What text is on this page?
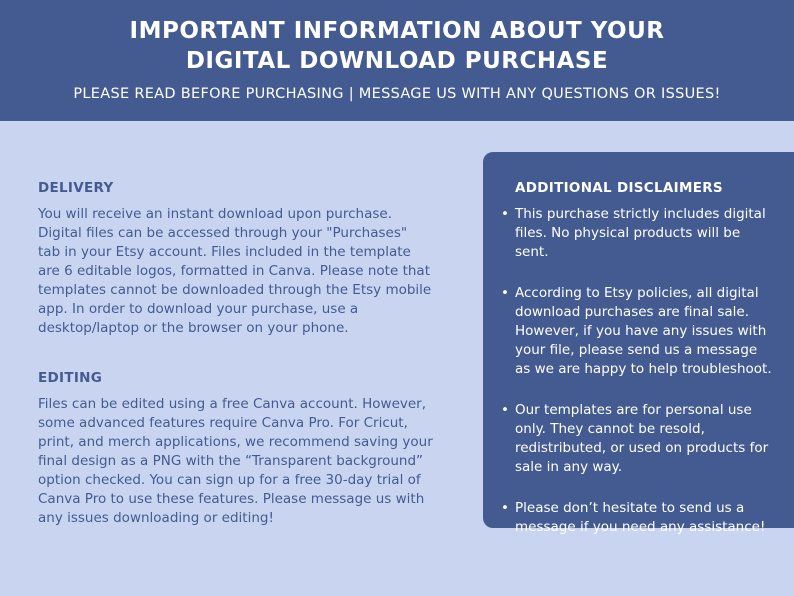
IMPORTANT INFORMATION ABOUT YOUR
DIGITAL DOWNLOAD PURCHASE
PLEASE READ BEFORE PURCHASING | MESSAGE US WITH ANY QUESTIONS OR ISSUES!

DELIVERY

You will receive an instant download upon purchase. Digital files can be accessed through your "Purchases" tab in your Etsy account. Files included in the template are 6 editable logos, formatted in Canva. Please note that templates cannot be downloaded through the Etsy mobile app. In order to download your purchase, use a desktop/laptop or the browser on your phone.

EDITING

Files can be edited using a free Canva account. However, some advanced features require Canva Pro. For Cricut, print, and merch applications, we recommend saving your final design as a PNG with the “Transparent background” option checked. You can sign up for a free 30-day trial of Canva Pro to use these features. Please message us with any issues downloading or editing!

ADDITIONAL DISCLAIMERS

• This purchase strictly includes digital files. No physical products will be sent.
• According to Etsy policies, all digital download purchases are final sale. However, if you have any issues with your file, please send us a message as we are happy to help troubleshoot.
• Our templates are for personal use only. They cannot be resold, redistributed, or used on products for sale in any way.
• Please don’t hesitate to send us a message if you need any assistance!
